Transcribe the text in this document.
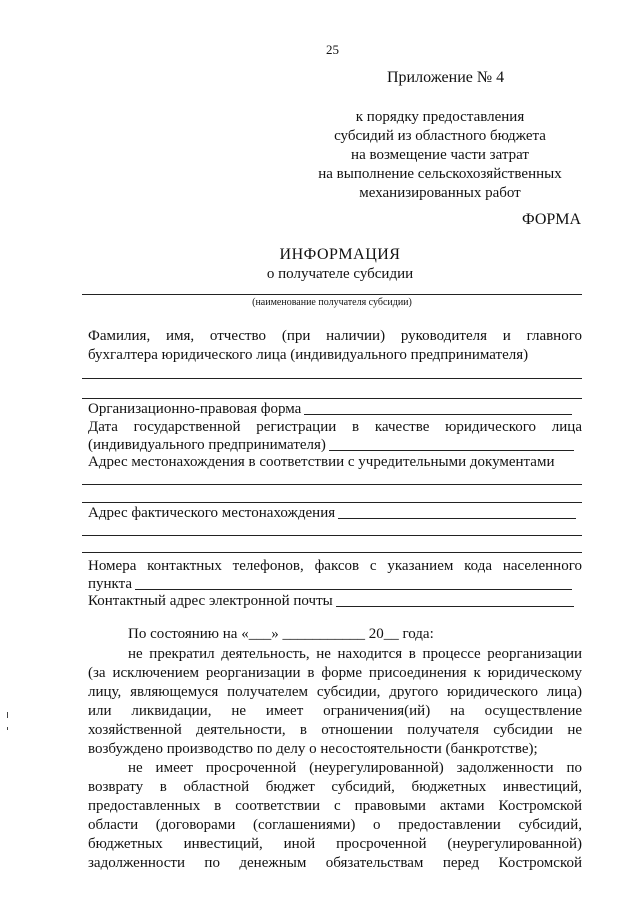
25
Приложение № 4
к порядку предоставления
субсидий из областного бюджета
на возмещение части затрат
на выполнение сельскохозяйственных
механизированных работ
ФОРМА
ИНФОРМАЦИЯ
о получателе субсидии
(наименование получателя субсидии)
Фамилия, имя, отчество (при наличии) руководителя и главного
бухгалтера юридического лица (индивидуального предпринимателя)
Организационно-правовая форма
Дата государственной регистрации в качестве юридического лица
(индивидуального предпринимателя)
Адрес местонахождения в соответствии с учредительными документами
Адрес фактического местонахождения
Номера контактных телефонов, факсов с указанием кода населенного
пункта
Контактный адрес электронной почты
По состоянию на «___» ___________ 20__ года:
не прекратил деятельность, не находится в процессе реорганизации
(за исключением реорганизации в форме присоединения к юридическому
лицу, являющемуся получателем субсидии, другого юридического лица)
или ликвидации, не имеет ограничения(ий) на осуществление
хозяйственной деятельности, в отношении получателя субсидии не
возбуждено производство по делу о несостоятельности (банкротстве);
не имеет просроченной (неурегулированной) задолженности по
возврату в областной бюджет субсидий, бюджетных инвестиций,
предоставленных в соответствии с правовыми актами Костромской
области (договорами (соглашениями) о предоставлении субсидий,
бюджетных инвестиций, иной просроченной (неурегулированной)
задолженности по денежным обязательствам перед Костромской
